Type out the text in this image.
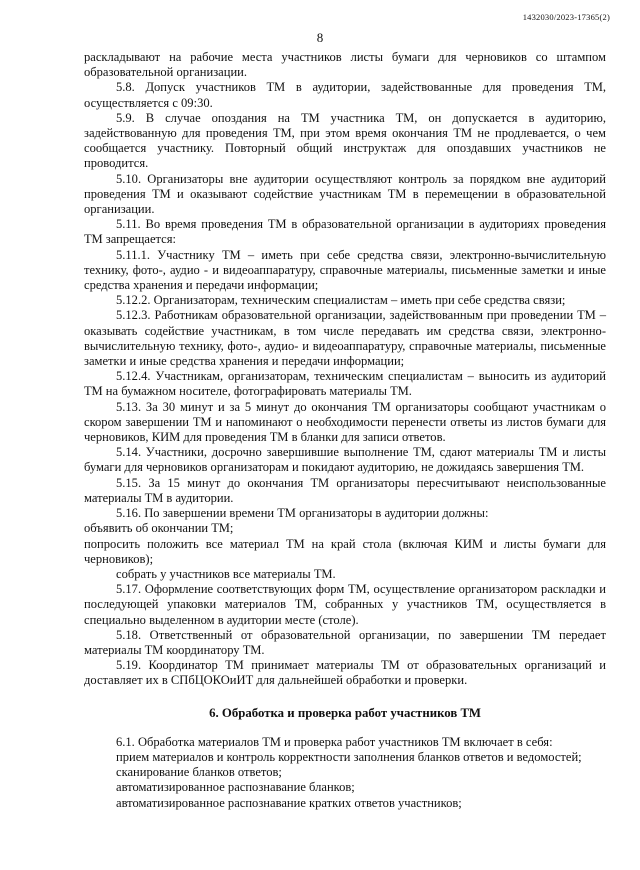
1432030/2023-17365(2)
8

раскладывают на рабочие места участников листы бумаги для черновиков со штампом образовательной организации.

5.8. Допуск участников ТМ в аудитории, задействованные для проведения ТМ, осуществляется с 09:30.

5.9. В случае опоздания на ТМ участника ТМ, он допускается в аудиторию, задействованную для проведения ТМ, при этом время окончания ТМ не продлевается, о чем сообщается участнику. Повторный общий инструктаж для опоздавших участников не проводится.

5.10. Организаторы вне аудитории осуществляют контроль за порядком вне аудиторий проведения ТМ и оказывают содействие участникам ТМ в перемещении в образовательной организации.

5.11. Во время проведения ТМ в образовательной организации в аудиториях проведения ТМ запрещается:

5.11.1. Участнику ТМ – иметь при себе средства связи, электронно-вычислительную технику, фото-, аудио - и видеоаппаратуру, справочные материалы, письменные заметки и иные средства хранения и передачи информации;

5.12.2. Организаторам, техническим специалистам – иметь при себе средства связи;

5.12.3. Работникам образовательной организации, задействованным при проведении ТМ – оказывать содействие участникам, в том числе передавать им средства связи, электронно-вычислительную технику, фото-, аудио- и видеоаппаратуру, справочные материалы, письменные заметки и иные средства хранения и передачи информации;

5.12.4. Участникам, организаторам, техническим специалистам – выносить из аудиторий ТМ на бумажном носителе, фотографировать материалы ТМ.

5.13. За 30 минут и за 5 минут до окончания ТМ организаторы сообщают участникам о скором завершении ТМ и напоминают о необходимости перенести ответы из листов бумаги для черновиков, КИМ для проведения ТМ в бланки для записи ответов.

5.14. Участники, досрочно завершившие выполнение ТМ, сдают материалы ТМ и листы бумаги для черновиков организаторам и покидают аудиторию, не дожидаясь завершения ТМ.

5.15. За 15 минут до окончания ТМ организаторы пересчитывают неиспользованные материалы ТМ в аудитории.

5.16. По завершении времени ТМ организаторы в аудитории должны:

объявить об окончании ТМ;

попросить положить все материал ТМ на край стола (включая КИМ и листы бумаги для черновиков);

собрать у участников все материалы ТМ.

5.17. Оформление соответствующих форм ТМ, осуществление организатором раскладки и последующей упаковки материалов ТМ, собранных у участников ТМ, осуществляется в специально выделенном в аудитории месте (столе).

5.18. Ответственный от образовательной организации, по завершении ТМ передает материалы ТМ координатору ТМ.

5.19. Координатор ТМ принимает материалы ТМ от образовательных организаций и доставляет их в СПбЦОКОиИТ для дальнейшей обработки и проверки.

6. Обработка и проверка работ участников ТМ

6.1. Обработка материалов ТМ и проверка работ участников ТМ включает в себя:

прием материалов и контроль корректности заполнения бланков ответов и ведомостей;

сканирование бланков ответов;

автоматизированное распознавание бланков;

автоматизированное распознавание кратких ответов участников;
